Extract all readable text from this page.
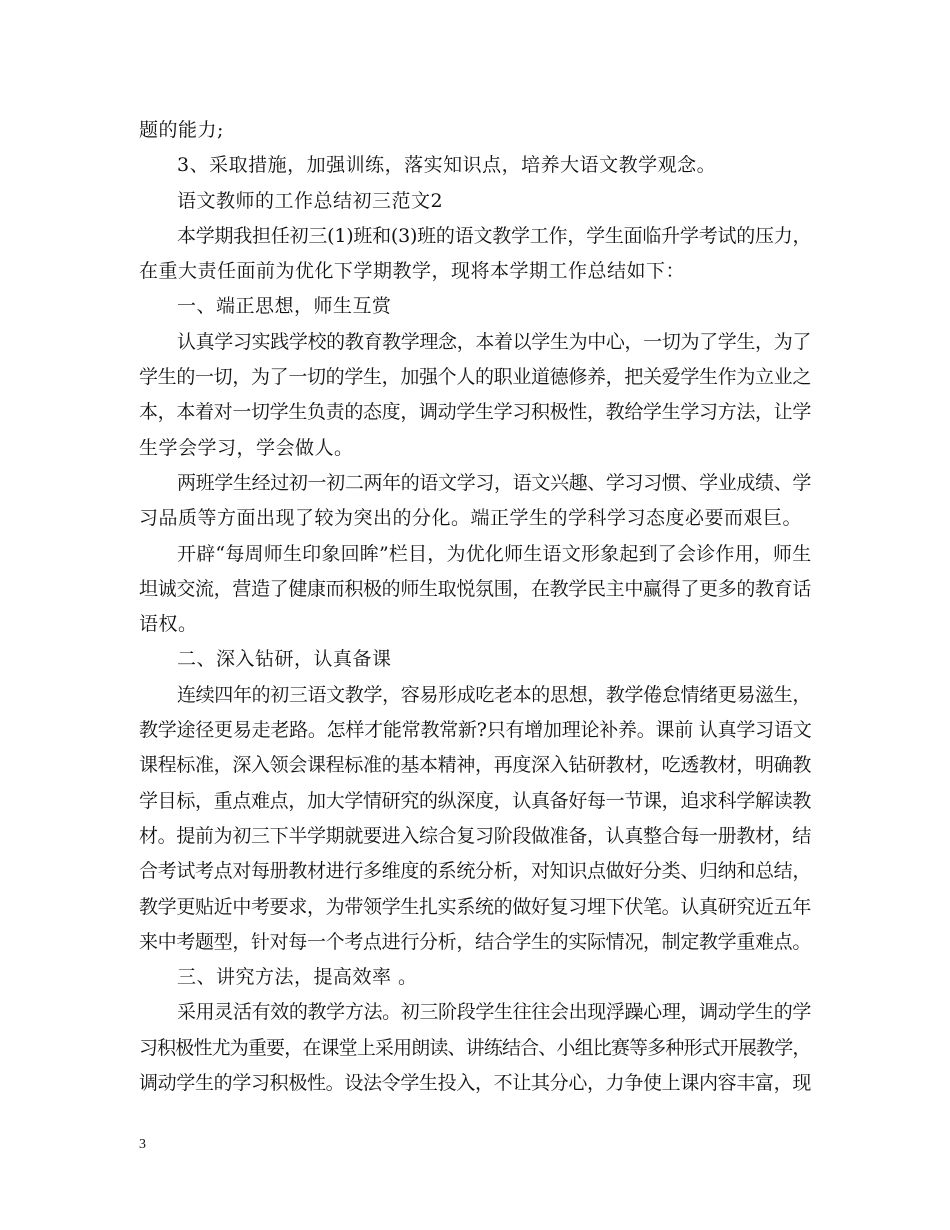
题的能力;
3、采取措施，加强训练，落实知识点，培养大语文教学观念。
语文教师的工作总结初三范文2
本学期我担任初三(1)班和(3)班的语文教学工作，学生面临升学考试的压力，
在重大责任面前为优化下学期教学，现将本学期工作总结如下：
一、端正思想，师生互赏
认真学习实践学校的教育教学理念，本着以学生为中心，一切为了学生，为了
学生的一切，为了一切的学生，加强个人的职业道德修养，把关爱学生作为立业之
本，本着对一切学生负责的态度，调动学生学习积极性，教给学生学习方法，让学
生学会学习，学会做人。
两班学生经过初一初二两年的语文学习，语文兴趣、学习习惯、学业成绩、学
习品质等方面出现了较为突出的分化。端正学生的学科学习态度必要而艰巨。
开辟“每周师生印象回眸”栏目，为优化师生语文形象起到了会诊作用，师生
坦诚交流，营造了健康而积极的师生取悦氛围，在教学民主中赢得了更多的教育话
语权。
二、深入钻研，认真备课
连续四年的初三语文教学，容易形成吃老本的思想，教学倦怠情绪更易滋生，
教学途径更易走老路。怎样才能常教常新?只有增加理论补养。课前 认真学习语文
课程标准，深入领会课程标准的基本精神，再度深入钻研教材，吃透教材，明确教
学目标，重点难点，加大学情研究的纵深度，认真备好每一节课，追求科学解读教
材。提前为初三下半学期就要进入综合复习阶段做准备，认真整合每一册教材，结
合考试考点对每册教材进行多维度的系统分析，对知识点做好分类、归纳和总结，
教学更贴近中考要求，为带领学生扎实系统的做好复习埋下伏笔。认真研究近五年
来中考题型，针对每一个考点进行分析，结合学生的实际情况，制定教学重难点。
三、讲究方法，提高效率 。
采用灵活有效的教学方法。初三阶段学生往往会出现浮躁心理，调动学生的学
习积极性尤为重要，在课堂上采用朗读、讲练结合、小组比赛等多种形式开展教学，
调动学生的学习积极性。设法令学生投入，不让其分心，力争使上课内容丰富，现
3
